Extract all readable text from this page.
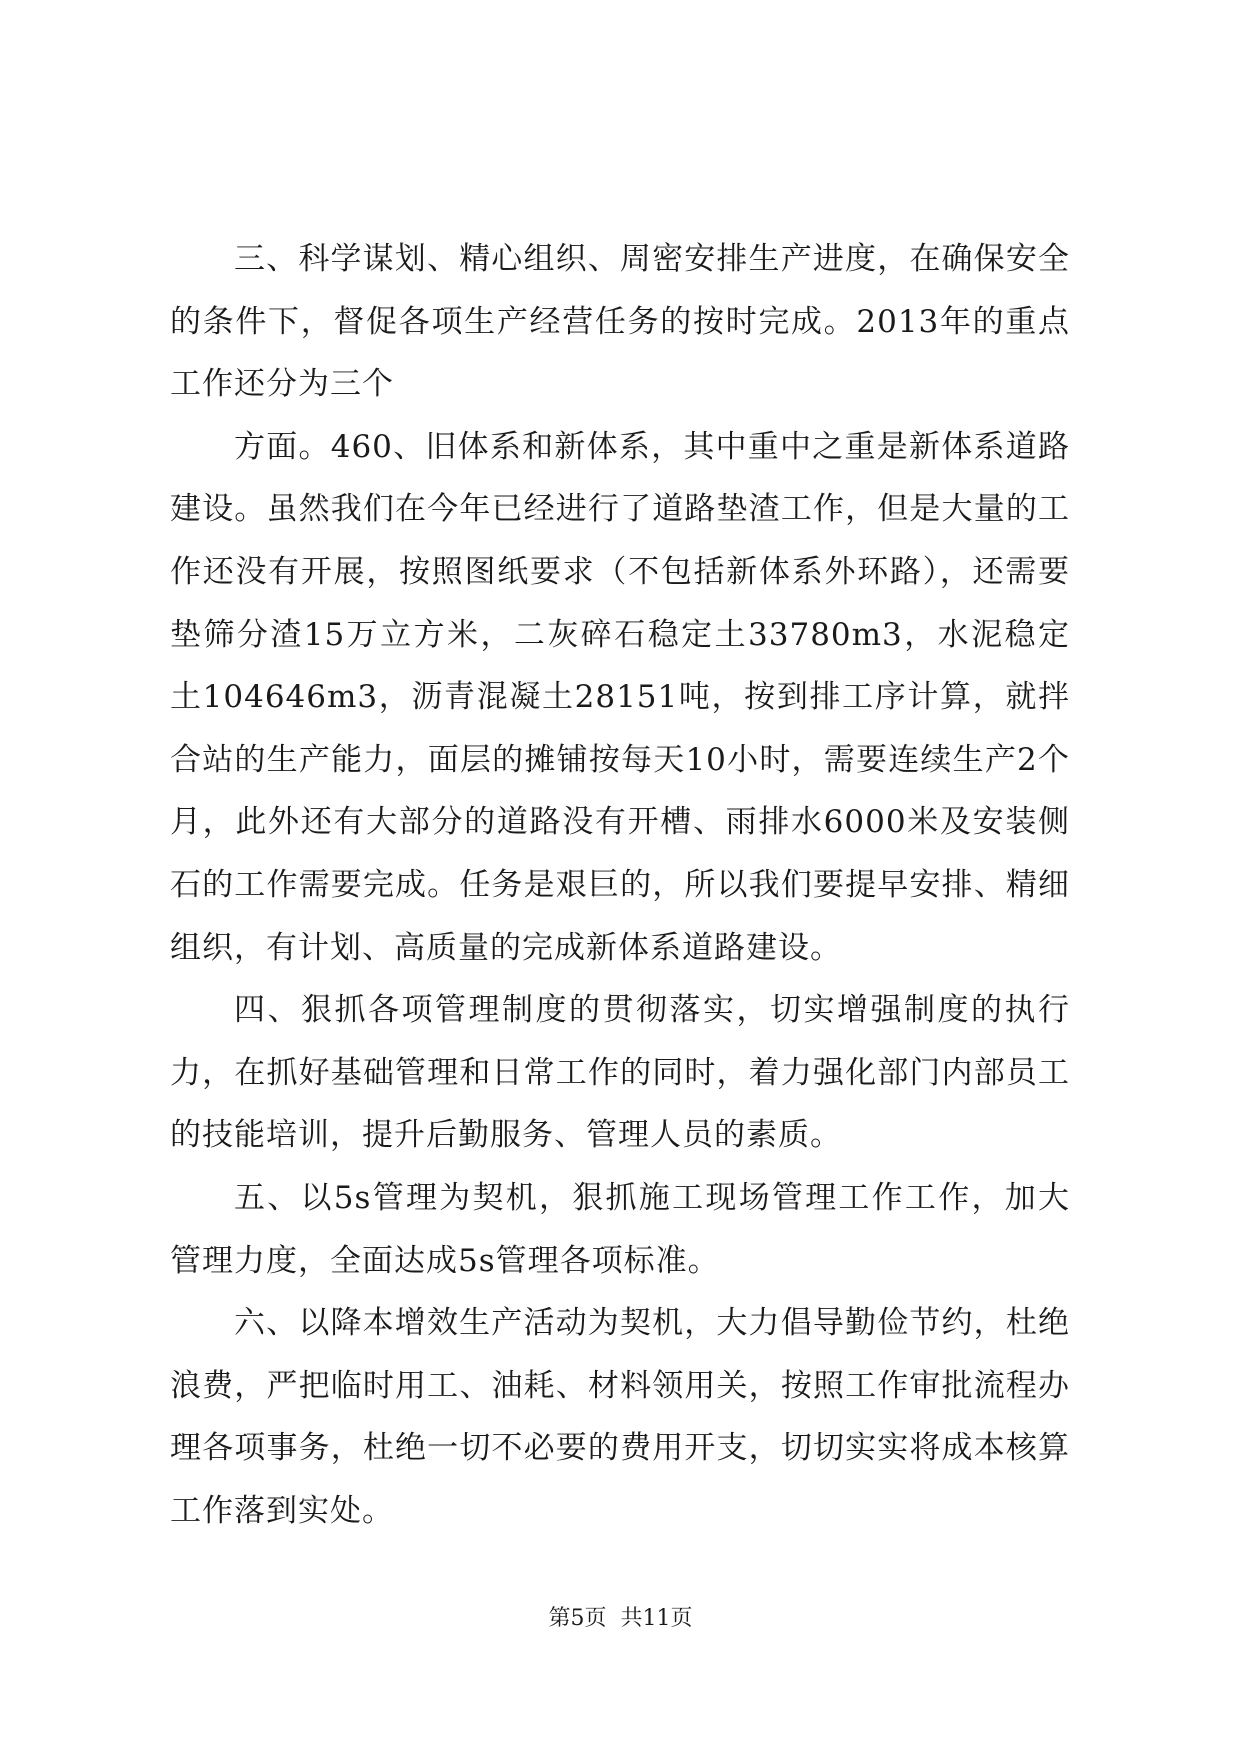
三、科学谋划、精心组织、周密安排生产进度，在确保安全的条件下，督促各项生产经营任务的按时完成。2013年的重点工作还分为三个

方面。460、旧体系和新体系，其中重中之重是新体系道路建设。虽然我们在今年已经进行了道路垫渣工作，但是大量的工作还没有开展，按照图纸要求（不包括新体系外环路），还需要垫筛分渣15万立方米，二灰碎石稳定土33780m3，水泥稳定土104646m3，沥青混凝土28151吨，按到排工序计算，就拌合站的生产能力，面层的摊铺按每天10小时，需要连续生产2个月，此外还有大部分的道路没有开槽、雨排水6000米及安装侧石的工作需要完成。任务是艰巨的，所以我们要提早安排、精细组织，有计划、高质量的完成新体系道路建设。

四、狠抓各项管理制度的贯彻落实，切实增强制度的执行力，在抓好基础管理和日常工作的同时，着力强化部门内部员工的技能培训，提升后勤服务、管理人员的素质。

五、以5s管理为契机，狠抓施工现场管理工作工作，加大管理力度，全面达成5s管理各项标准。

六、以降本增效生产活动为契机，大力倡导勤俭节约，杜绝浪费，严把临时用工、油耗、材料领用关，按照工作审批流程办理各项事务，杜绝一切不必要的费用开支，切切实实将成本核算工作落到实处。

第5页  共11页
